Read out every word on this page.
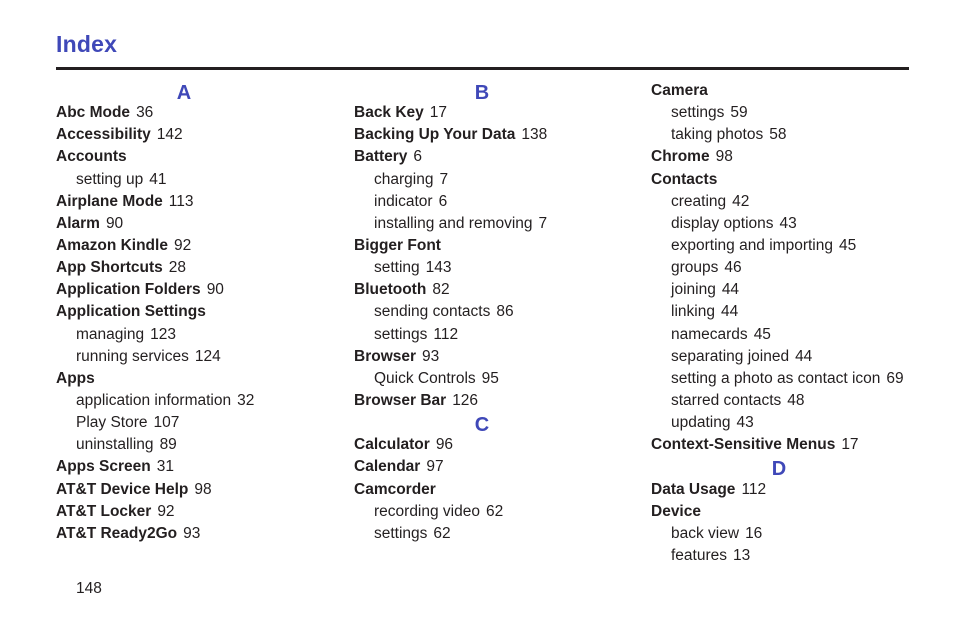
Index
A
Abc Mode 36
Accessibility 142
Accounts
setting up 41
Airplane Mode 113
Alarm 90
Amazon Kindle 92
App Shortcuts 28
Application Folders 90
Application Settings
managing 123
running services 124
Apps
application information 32
Play Store 107
uninstalling 89
Apps Screen 31
AT&T Device Help 98
AT&T Locker 92
AT&T Ready2Go 93
B
Back Key 17
Backing Up Your Data 138
Battery 6
charging 7
indicator 6
installing and removing 7
Bigger Font
setting 143
Bluetooth 82
sending contacts 86
settings 112
Browser 93
Quick Controls 95
Browser Bar 126
C
Calculator 96
Calendar 97
Camcorder
recording video 62
settings 62
Camera
settings 59
taking photos 58
Chrome 98
Contacts
creating 42
display options 43
exporting and importing 45
groups 46
joining 44
linking 44
namecards 45
separating joined 44
setting a photo as contact icon 69
starred contacts 48
updating 43
Context-Sensitive Menus 17
D
Data Usage 112
Device
back view 16
features 13
148
